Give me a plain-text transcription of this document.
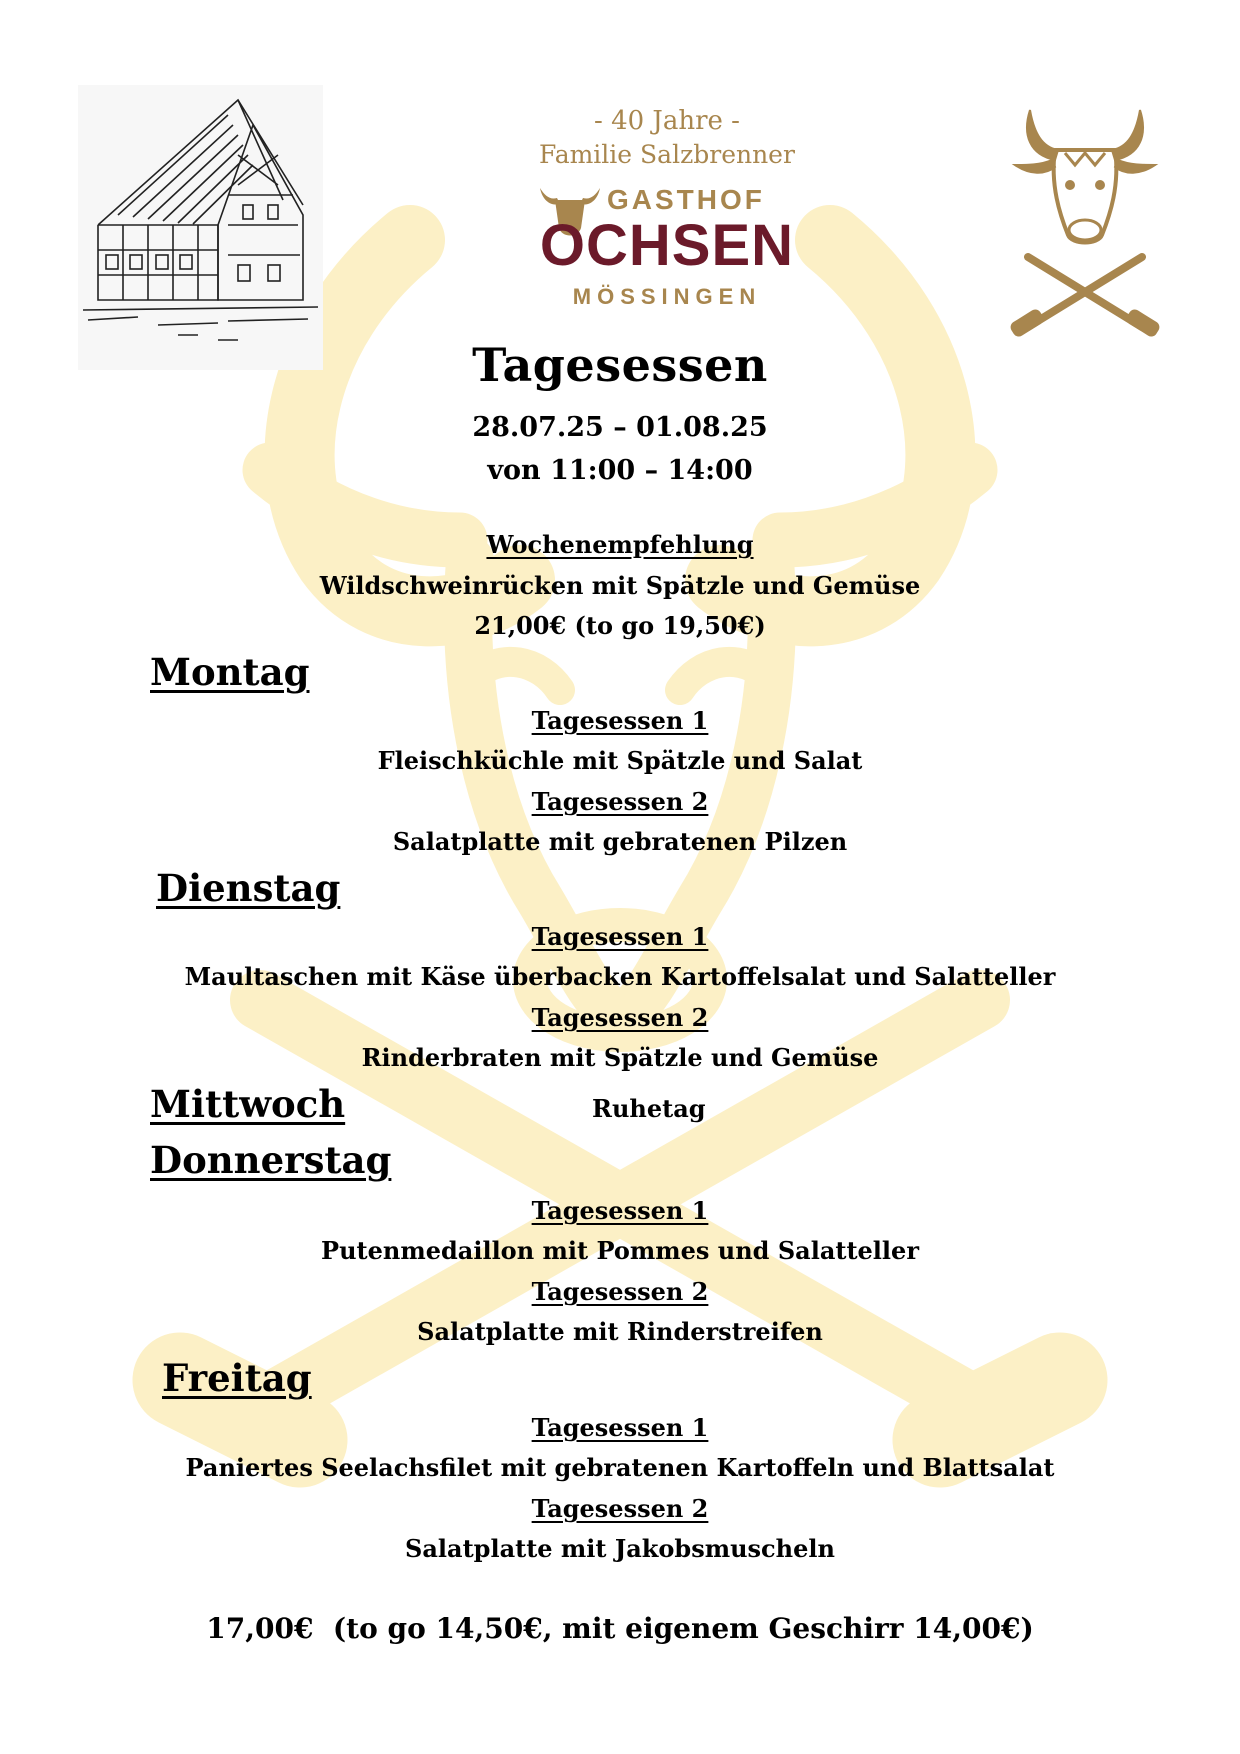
- 40 Jahre -
Familie Salzbrenner
GASTHOF
OCHSEN
MÖSSINGEN
Tagesessen
28.07.25 – 01.08.25
von 11:00 – 14:00
Wochenempfehlung
Wildschweinrücken mit Spätzle und Gemüse
21,00€ (to go 19,50€)
Montag
Tagesessen 1
Fleischküchle mit Spätzle und Salat
Tagesessen 2
Salatplatte mit gebratenen Pilzen
Dienstag
Tagesessen 1
Maultaschen mit Käse überbacken Kartoffelsalat und Salatteller
Tagesessen 2
Rinderbraten mit Spätzle und Gemüse
Mittwoch	Ruhetag
Donnerstag
Tagesessen 1
Putenmedaillon mit Pommes und Salatteller
Tagesessen 2
Salatplatte mit Rinderstreifen
Freitag
Tagesessen 1
Paniertes Seelachsfilet mit gebratenen Kartoffeln und Blattsalat
Tagesessen 2
Salatplatte mit Jakobsmuscheln
17,00€  (to go 14,50€, mit eigenem Geschirr 14,00€)
